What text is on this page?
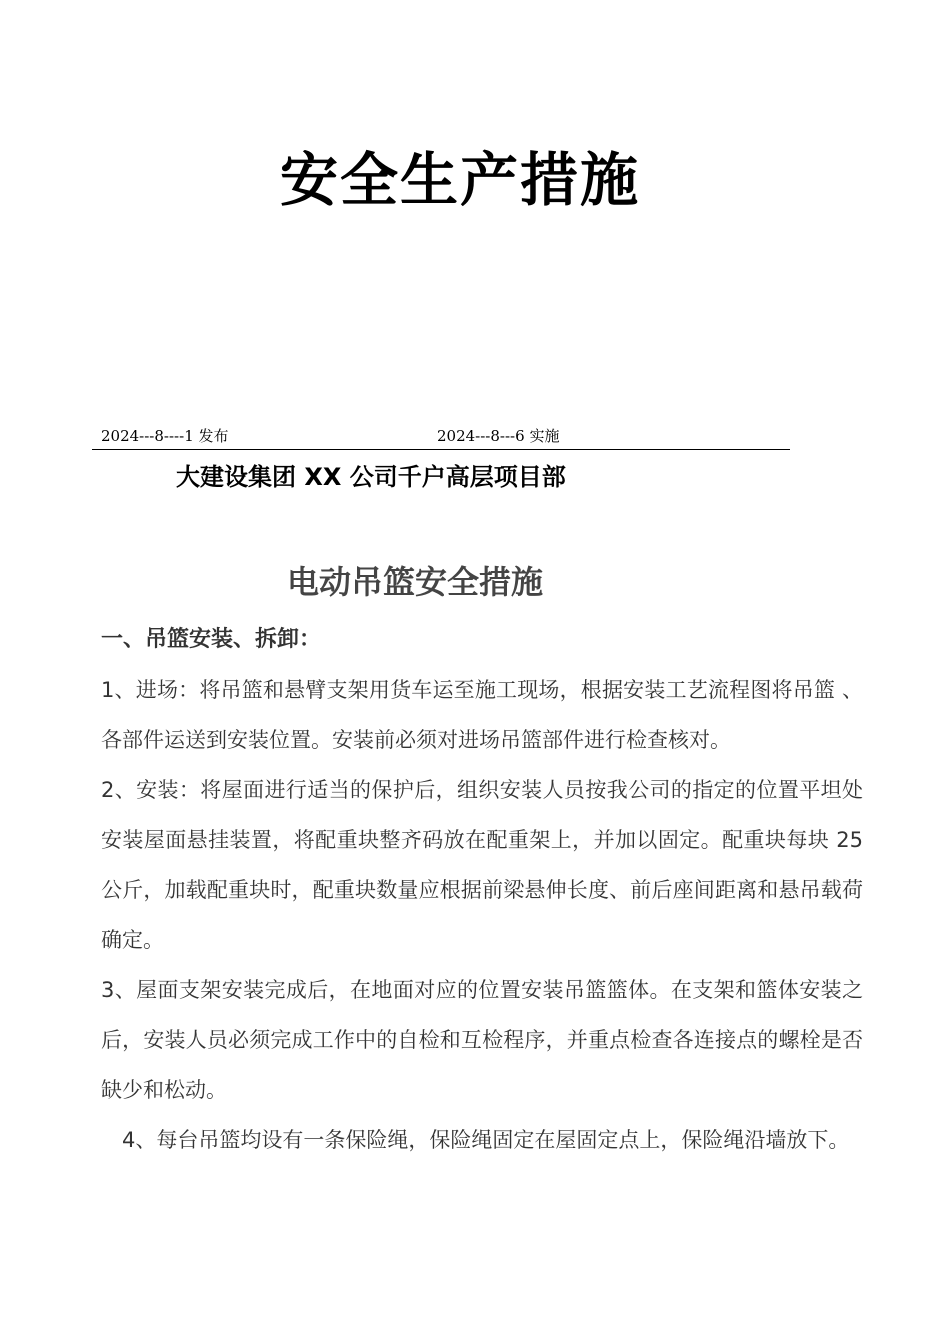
安全生产措施
2024---8----1 发布	2024---8---6 实施
大建设集团 XX 公司千户高层项目部
电动吊篮安全措施
一、吊篮安装、拆卸：

1、进场：将吊篮和悬臂支架用货车运至施工现场，根据安装工艺流程图将吊篮 、各部件运送到安装位置。安装前必须对进场吊篮部件进行检查核对。

2、安装：将屋面进行适当的保护后，组织安装人员按我公司的指定的位置平坦处安装屋面悬挂装置，将配重块整齐码放在配重架上，并加以固定。配重块每块 25 公斤，加载配重块时，配重块数量应根据前梁悬伸长度、前后座间距离和悬吊载荷确定。

3、屋面支架安装完成后，在地面对应的位置安装吊篮篮体。在支架和篮体安装之后，安装人员必须完成工作中的自检和互检程序，并重点检查各连接点的螺栓是否缺少和松动。

4、每台吊篮均设有一条保险绳，保险绳固定在屋固定点上，保险绳沿墙放下。
